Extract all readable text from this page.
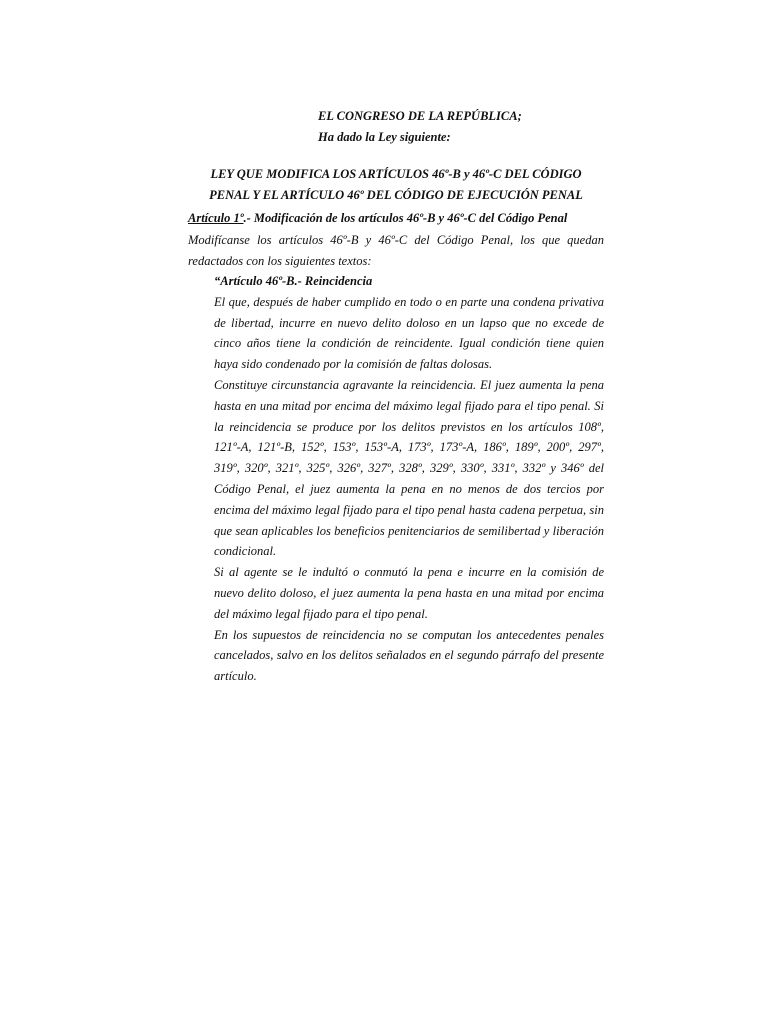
EL CONGRESO DE LA REPÚBLICA;
Ha dado la Ley siguiente:
LEY QUE MODIFICA LOS ARTÍCULOS 46º-B y 46º-C DEL CÓDIGO
PENAL Y EL ARTÍCULO 46º DEL CÓDIGO DE EJECUCIÓN PENAL
Artículo 1º.- Modificación de los artículos 46º-B y 46º-C del Código Penal
Modifícanse los artículos 46º-B y 46º-C del Código Penal, los que quedan redactados con los siguientes textos:
“Artículo 46º-B.- Reincidencia

El que, después de haber cumplido en todo o en parte una condena privativa de libertad, incurre en nuevo delito doloso en un lapso que no excede de cinco años tiene la condición de reincidente. Igual condición tiene quien haya sido condenado por la comisión de faltas dolosas.

Constituye circunstancia agravante la reincidencia. El juez aumenta la pena hasta en una mitad por encima del máximo legal fijado para el tipo penal. Si la reincidencia se produce por los delitos previstos en los artículos 108º, 121º-A, 121º-B, 152º, 153º, 153º-A, 173º, 173º-A, 186º, 189º, 200º, 297º, 319º, 320º, 321º, 325º, 326º, 327º, 328º, 329º, 330º, 331º, 332º y 346º del Código Penal, el juez aumenta la pena en no menos de dos tercios por encima del máximo legal fijado para el tipo penal hasta cadena perpetua, sin que sean aplicables los beneficios penitenciarios de semilibertad y liberación condicional.

Si al agente se le indultó o conmutó la pena e incurre en la comisión de nuevo delito doloso, el juez aumenta la pena hasta en una mitad por encima del máximo legal fijado para el tipo penal.

En los supuestos de reincidencia no se computan los antecedentes penales cancelados, salvo en los delitos señalados en el segundo párrafo del presente artículo.
